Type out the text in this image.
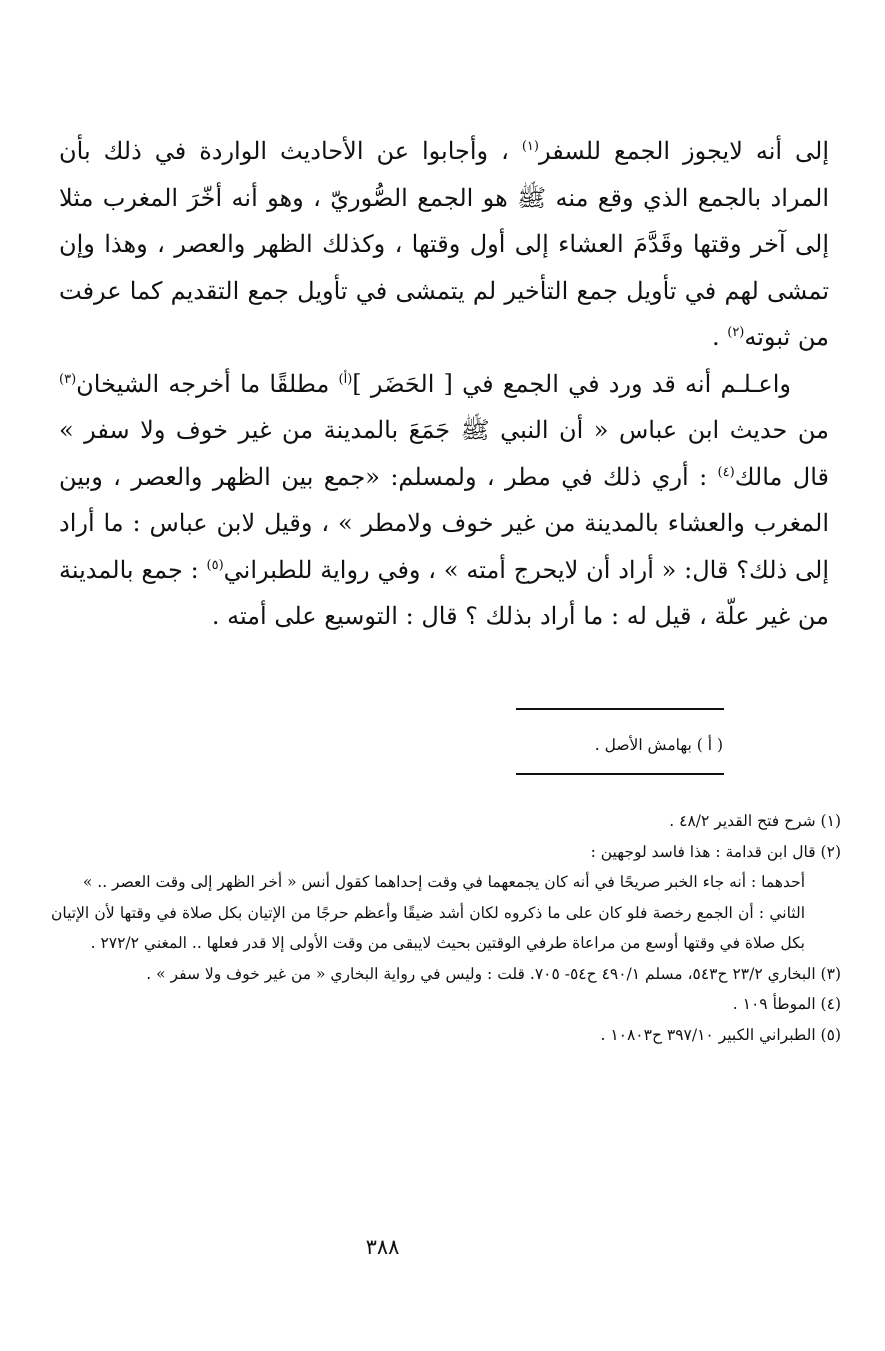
إلى أنه لايجوز الجمع للسفر$^{(١)}$ ، وأجابوا عن الأحاديث الواردة في ذلك بأن المراد بالجمع الذي وقع منه ﷺ هو الجمع الصُّوريّ ، وهو أنه أخّرَ المغرب مثلا إلى آخر وقتها وقَدَّمَ العشاء إلى أول وقتها ، وكذلك الظهر والعصر ، وهذا وإن تمشى لهم في تأويل جمع التأخير لم يتمشى في تأويل جمع التقديم كما عرفت من ثبوته$^{(٢)}$ .

واعـلـم أنه قد ورد في الجمع في [ الحَضَر ]$^{(أ)}$ مطلقًا ما أخرجه الشيخان$^{(٣)}$ من حديث ابن عباس « أن النبي ﷺ جَمَعَ بالمدينة من غير خوف ولا سفر » قال مالك$^{(٤)}$ : أري ذلك في مطر ، ولمسلم: «جمع بين الظهر والعصر ، وبين المغرب والعشاء بالمدينة من غير خوف ولامطر » ، وقيل لابن عباس : ما أراد إلى ذلك؟ قال: « أراد أن لايحرج أمته » ، وفي رواية للطبراني$^{(٥)}$ : جمع بالمدينة من غير علّة ، قيل له : ما أراد بذلك ؟ قال : التوسيع على أمته .

( أ ) بهامش الأصل .

(١) شرح فتح القدير ٤٨/٢ .

(٢) قال ابن قدامة : هذا فاسد لوجهين :

أحدهما : أنه جاء الخبر صريحًا في أنه كان يجمعهما في وقت إحداهما كقول أنس « أخر الظهر إلى وقت العصر .. »

الثاني : أن الجمع رخصة فلو كان على ما ذكروه لكان أشد ضيقًا وأعظم حرجًا من الإتيان بكل صلاة في وقتها لأن الإتيان بكل صلاة في وقتها أوسع من مراعاة طرفي الوقتين بحيث لايبقى من وقت الأولى إلا قدر فعلها .. المغني ٢٧٢/٢ .

(٣) البخاري ٢٣/٢ ح٥٤٣، مسلم ٤٩٠/١ ح٥٤- ٧٠٥. قلت : وليس في رواية البخاري « من غير خوف ولا سفر » .

(٤) الموطأ ١٠٩ .

(٥) الطبراني الكبير ٣٩٧/١٠ ح١٠٨٠٣ .

٣٨٨
